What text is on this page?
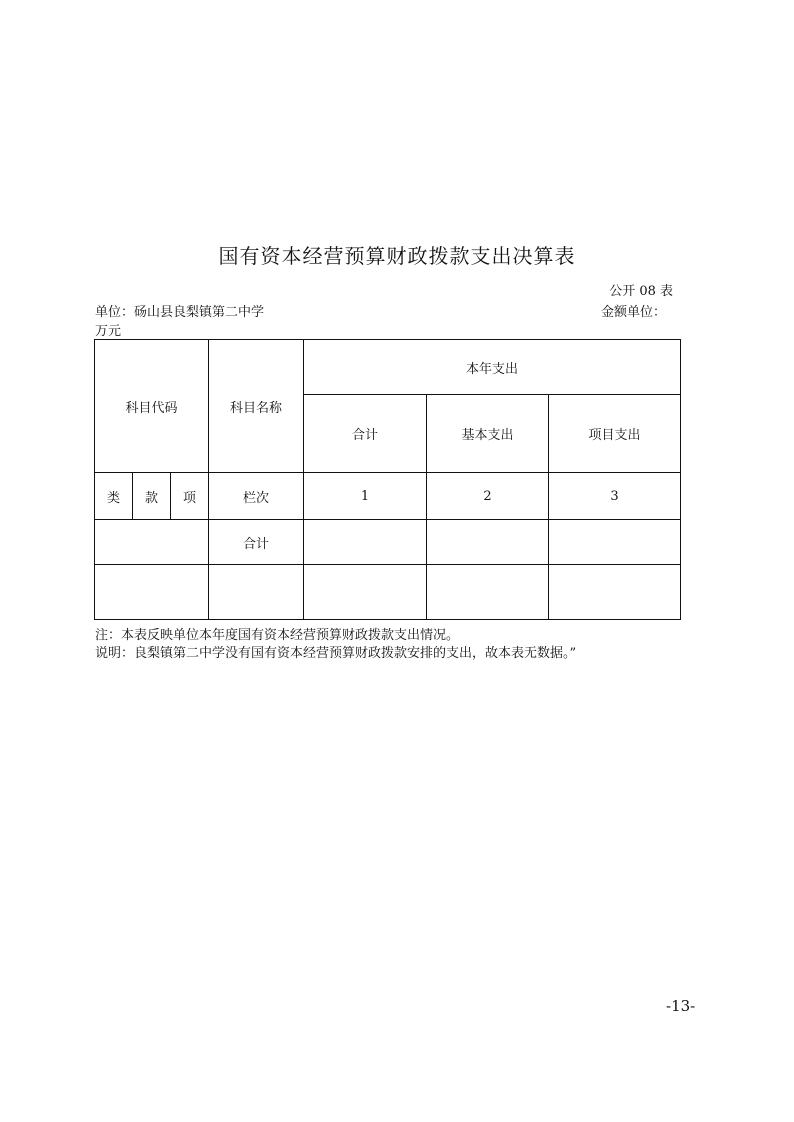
国有资本经营预算财政拨款支出决算表
公开 08 表
单位：砀山县良梨镇第二中学	金额单位：
万元
科目代码			科目名称	本年支出		
				合计	基本支出	项目支出
类	款	项	栏次	1	2	3
			合计			

注：本表反映单位本年度国有资本经营预算财政拨款支出情况。
说明：良梨镇第二中学没有国有资本经营预算财政拨款安排的支出，故本表无数据。”
-13-
